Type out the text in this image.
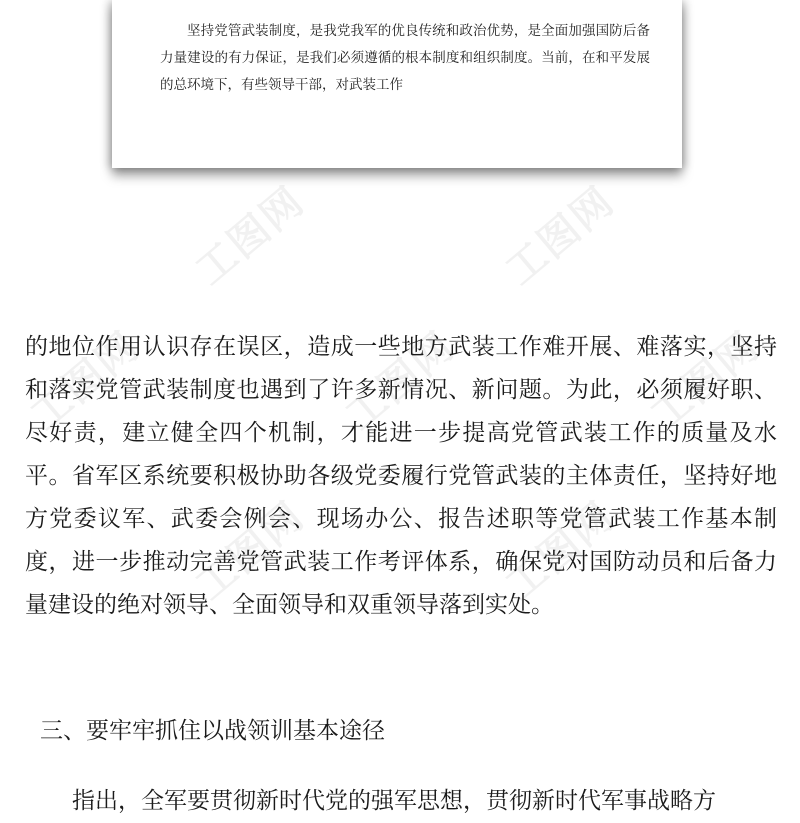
坚持党管武装制度，是我党我军的优良传统和政治优势，是全面加强国防后备力量建设的有力保证，是我们必须遵循的根本制度和组织制度。当前，在和平发展的总环境下，有些领导干部，对武装工作

工图网	工图网
工图网
工图网	工图网
工图网	工图网

的地位作用认识存在误区，造成一些地方武装工作难开展、难落实，坚持和落实党管武装制度也遇到了许多新情况、新问题。为此，必须履好职、尽好责，建立健全四个机制，才能进一步提高党管武装工作的质量及水平。省军区系统要积极协助各级党委履行党管武装的主体责任，坚持好地方党委议军、武委会例会、现场办公、报告述职等党管武装工作基本制度，进一步推动完善党管武装工作考评体系，确保党对国防动员和后备力量建设的绝对领导、全面领导和双重领导落到实处。

三、要牢牢抓住以战领训基本途径

指出，全军要贯彻新时代党的强军思想，贯彻新时代军事战略方
